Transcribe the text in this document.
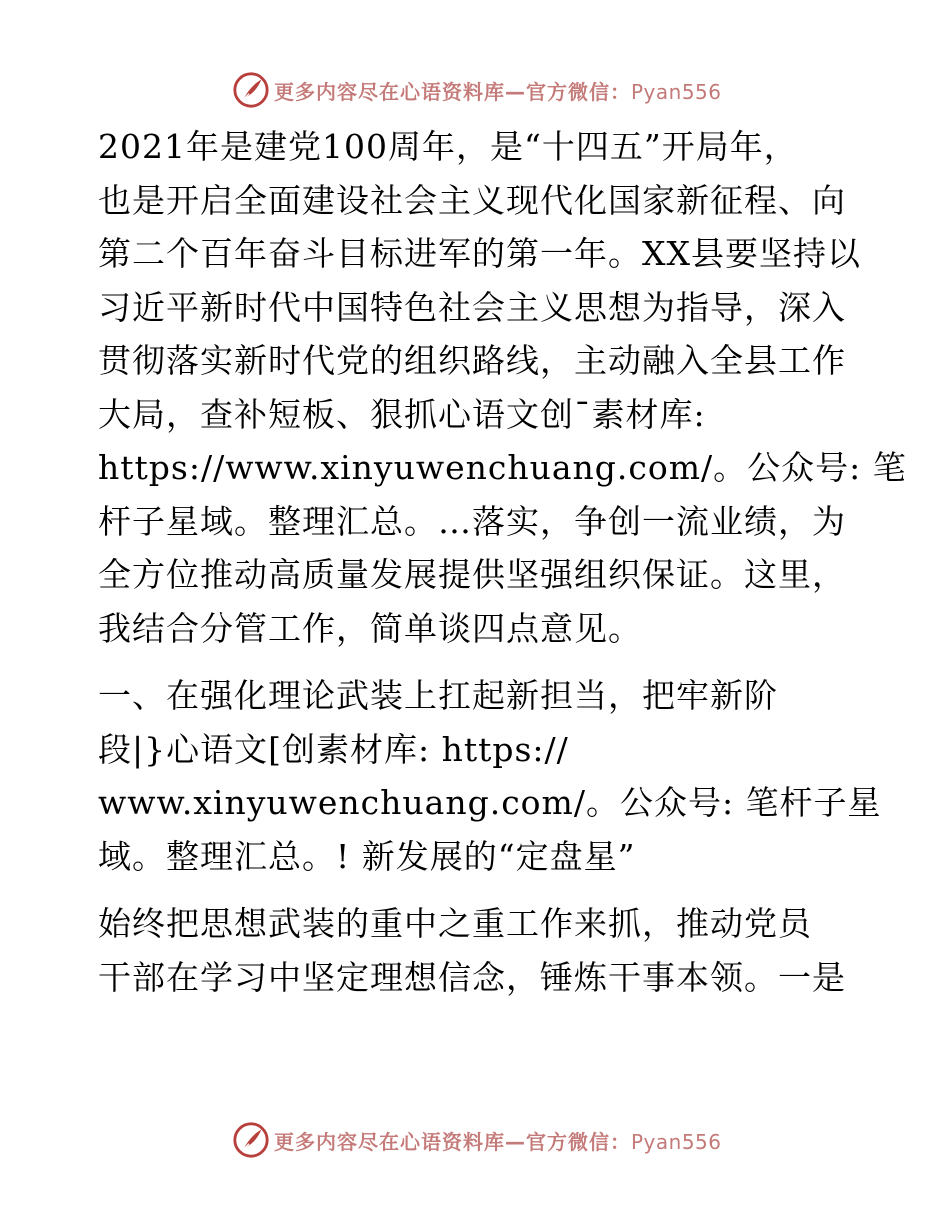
更多内容尽在心语资料库—官方微信：Pyan556

2021年是建党100周年，是“十四五”开局年，
也是开启全面建设社会主义现代化国家新征程、向
第二个百年奋斗目标进军的第一年。XX县要坚持以
习近平新时代中国特色社会主义思想为指导，深入
贯彻落实新时代党的组织路线，主动融入全县工作
大局，查补短板、狠抓心语文创¯素材库:
https://www.xinyuwenchuang.com/。公众号: 笔
杆子星域。整理汇总。…落实，争创一流业绩，为
全方位推动高质量发展提供坚强组织保证。这里，
我结合分管工作，简单谈四点意见。

一、在强化理论武装上扛起新担当，把牢新阶
段|}心语文[创素材库: https://
www.xinyuwenchuang.com/。公众号: 笔杆子星
域。整理汇总。! 新发展的“定盘星”

始终把思想武装的重中之重工作来抓，推动党员
干部在学习中坚定理想信念，锤炼干事本领。一是

更多内容尽在心语资料库—官方微信：Pyan556
